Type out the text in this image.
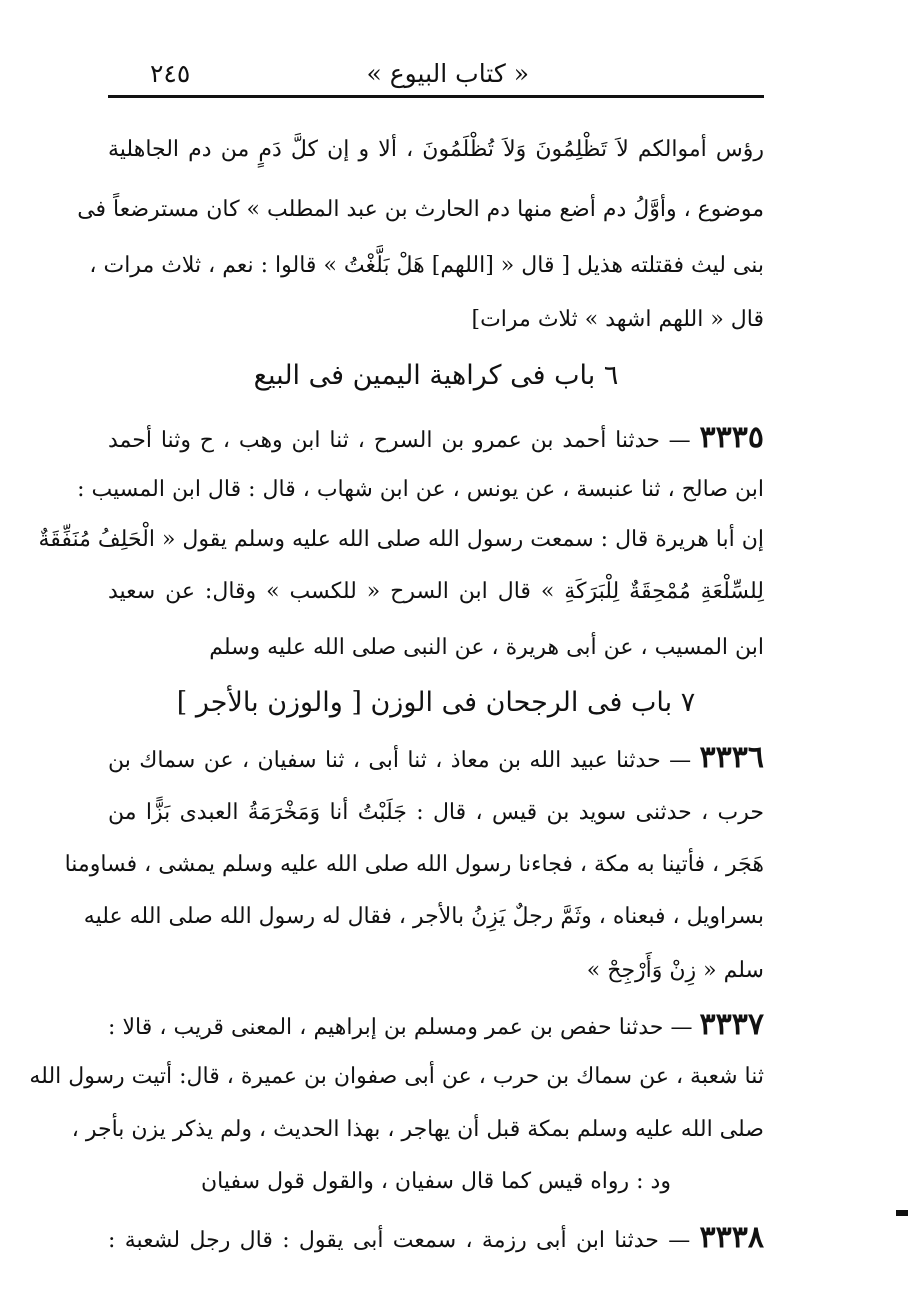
« كتاب البيوع »
٢٤٥
رؤس أموالكم لاَ تَظْلِمُونَ وَلاَ تُظْلَمُونَ ، ألا و إن كلَّ دَمٍ من دم الجاهلية
موضوع ، وأوَّلُ دم أضع منها دم الحارث بن عبد المطلب » كان مسترضعاً فى
بنى ليث فقتلته هذيل [ قال « [اللهم] هَلْ بَلَّغْتُ » قالوا : نعم ، ثلاث مرات ،
قال « اللهم اشهد » ثلاث مرات]
٦ باب فى كراهية اليمين فى البيع
٣٣٣٥ — حدثنا أحمد بن عمرو بن السرح ، ثنا ابن وهب ، ح وثنا أحمد
ابن صالح ، ثنا عنبسة ، عن يونس ، عن ابن شهاب ، قال : قال ابن المسيب :
إن أبا هريرة قال : سمعت رسول الله صلى الله عليه وسلم يقول « الْحَلِفُ مُنَفِّقَةٌ
لِلسِّلْعَةِ مُمْحِقَةٌ لِلْبَرَكَةِ » قال ابن السرح « للكسب » وقال: عن سعيد
ابن المسيب ، عن أبى هريرة ، عن النبى صلى الله عليه وسلم
٧ باب فى الرجحان فى الوزن [ والوزن بالأجر ]
٣٣٣٦ — حدثنا عبيد الله بن معاذ ، ثنا أبى ، ثنا سفيان ، عن سماك بن
حرب ، حدثنى سويد بن قيس ، قال : جَلَبْتُ أنا وَمَخْرَمَةُ العبدى بَزًّا من
هَجَر ، فأتينا به مكة ، فجاءنا رسول الله صلى الله عليه وسلم يمشى ، فساومنا
بسراويل ، فبعناه ، وثَمَّ رجلٌ يَزِنُ بالأجر ، فقال له رسول الله صلى الله عليه
سلم « زِنْ وَأَرْجِحْ »
٣٣٣٧ — حدثنا حفص بن عمر ومسلم بن إبراهيم ، المعنى قريب ، قالا :
ثنا شعبة ، عن سماك بن حرب ، عن أبى صفوان بن عميرة ، قال: أتيت رسول الله
صلى الله عليه وسلم بمكة قبل أن يهاجر ، بهذا الحديث ، ولم يذكر يزن بأجر ،
ود : رواه قيس كما قال سفيان ، والقول قول سفيان
٣٣٣٨ — حدثنا ابن أبى رزمة ، سمعت أبى يقول : قال رجل لشعبة :
